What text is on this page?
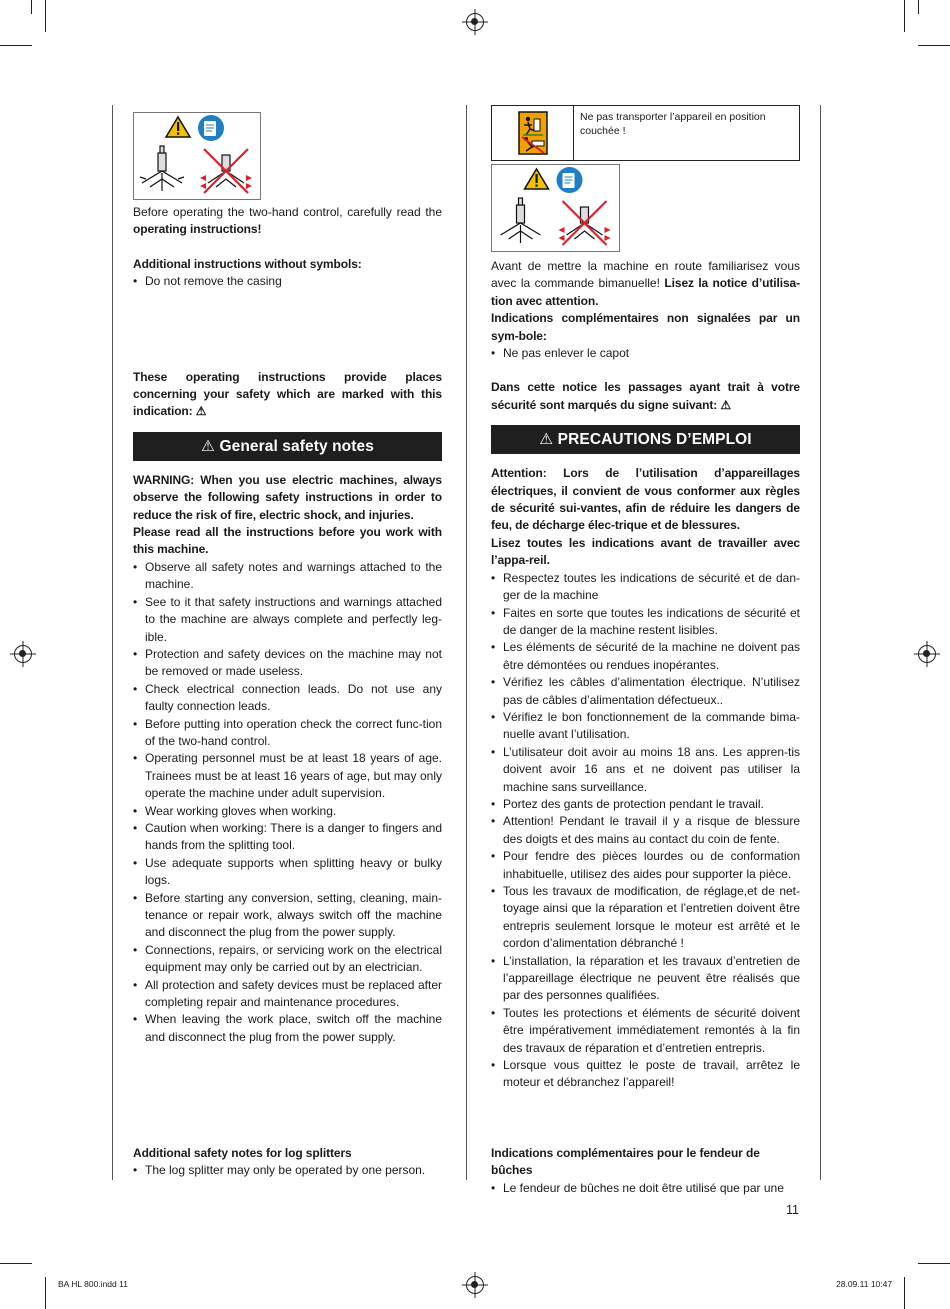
Before operating the two-hand control, carefully read the operating instructions!

Additional instructions without symbols:

• Do not remove the casing

These operating instructions provide places concerning your safety which are marked with this indication: ⚠

⚠ General safety notes

WARNING: When you use electric machines, always observe the following safety instructions in order to reduce the risk of fire, electric shock, and injuries.

Please read all the instructions before you work with this machine.

• Observe all safety notes and warnings attached to the machine.
• See to it that safety instructions and warnings attached to the machine are always complete and perfectly leg-ible.
• Protection and safety devices on the machine may not be removed or made useless.
• Check electrical connection leads. Do not use any faulty connection leads.
• Before putting into operation check the correct func-tion of the two-hand control.
• Operating personnel must be at least 18 years of age. Trainees must be at least 16 years of age, but may only operate the machine under adult supervision.
• Wear working gloves when working.
• Caution when working: There is a danger to fingers and hands from the splitting tool.
• Use adequate supports when splitting heavy or bulky logs.
• Before starting any conversion, setting, cleaning, main-tenance or repair work, always switch off the machine and disconnect the plug from the power supply.
• Connections, repairs, or servicing work on the electrical equipment may only be carried out by an electrician.
• All protection and safety devices must be replaced after completing repair and maintenance procedures.
• When leaving the work place, switch off the machine and disconnect the plug from the power supply.

Additional safety notes for log splitters

• The log splitter may only be operated by one person.
Ne pas transporter l’appareil en position couchée !

Avant de mettre la machine en route familiarisez vous avec la commande bimanuelle! Lisez la notice d’utilisa-tion avec attention.

Indications complémentaires non signalées par un sym-bole:

• Ne pas enlever le capot

Dans cette notice les passages ayant trait à votre sécurité sont marqués du signe suivant: ⚠

⚠ PRECAUTIONS D’EMPLOI

Attention: Lors de l’utilisation d’appareillages électriques, il convient de vous conformer aux règles de sécurité sui-vantes, afin de réduire les dangers de feu, de décharge élec-trique et de blessures.

Lisez toutes les indications avant de travailler avec l’appa-reil.

• Respectez toutes les indications de sécurité et de dan-ger de la machine
• Faites en sorte que toutes les indications de sécurité et de danger de la machine restent lisibles.
• Les éléments de sécurité de la machine ne doivent pas être démontées ou rendues inopérantes.
• Vérifiez les câbles d’alimentation électrique. N’utilisez pas de câbles d’alimentation défectueux..
• Vérifiez le bon fonctionnement de la commande bima-nuelle avant l’utilisation.
• L’utilisateur doit avoir au moins 18 ans. Les appren-tis doivent avoir 16 ans et ne doivent pas utiliser la machine sans surveillance.
• Portez des gants de protection pendant le travail.
• Attention! Pendant le travail il y a risque de blessure des doigts et des mains au contact du coin de fente.
• Pour fendre des pièces lourdes ou de conformation inhabituelle, utilisez des aides pour supporter la pièce.
• Tous les travaux de modification, de réglage,et de net-toyage ainsi que la réparation et l’entretien doivent être entrepris seulement lorsque le moteur est arrêté et le cordon d’alimentation débranché !
• L’installation, la réparation et les travaux d’entretien de l’appareillage électrique ne peuvent être réalisés que par des personnes qualifiées.
• Toutes les protections et éléments de sécurité doivent être impérativement immédiatement remontés à la fin des travaux de réparation et d’entretien entrepris.
• Lorsque vous quittez le poste de travail, arrêtez le moteur et débranchez l’appareil!

Indications complémentaires pour le fendeur de bûches

• Le fendeur de bûches ne doit être utilisé que par une
11
BA HL 800.indd 11	28.09.11 10:47
